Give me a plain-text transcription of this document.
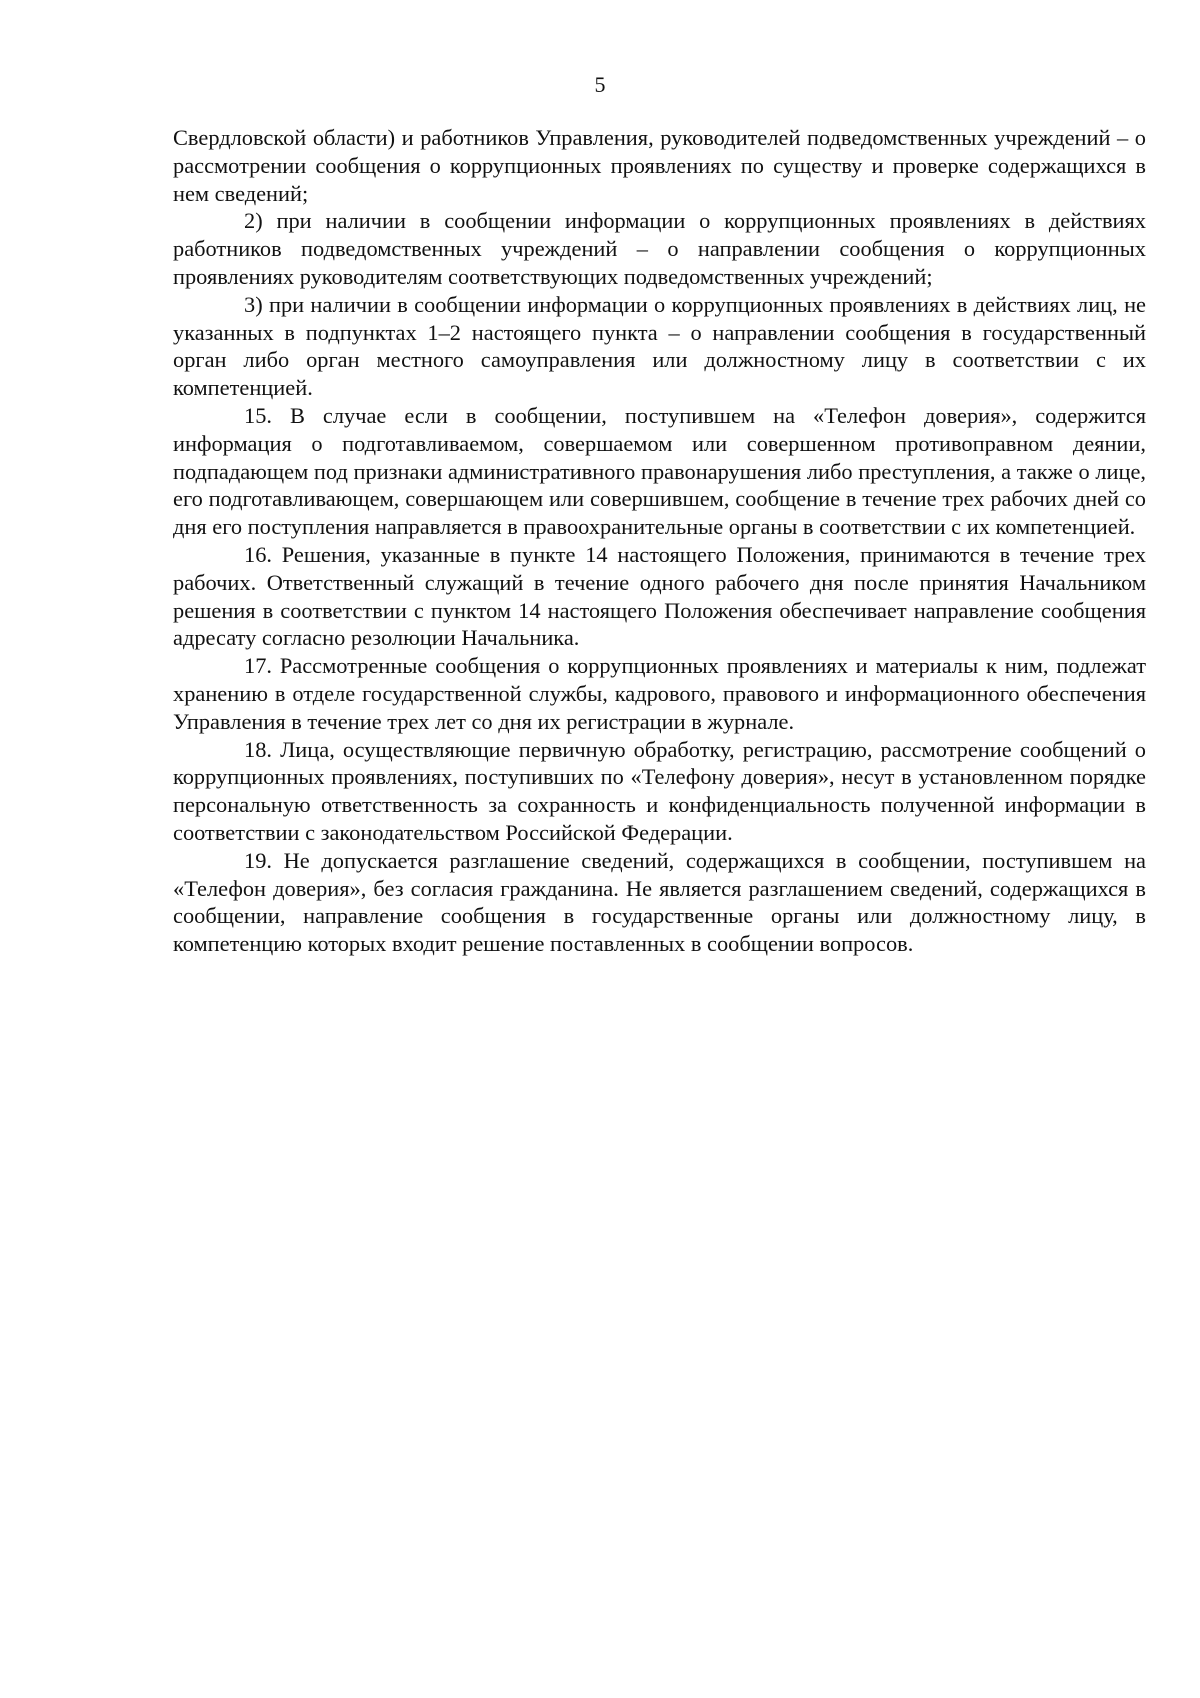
5

Свердловской области) и работников Управления, руководителей подведомственных учреждений – о рассмотрении сообщения о коррупционных проявлениях по существу и проверке содержащихся в нем сведений;

2) при наличии в сообщении информации о коррупционных проявлениях в действиях работников подведомственных учреждений – о направлении сообщения о коррупционных проявлениях руководителям соответствующих подведомственных учреждений;

3) при наличии в сообщении информации о коррупционных проявлениях в действиях лиц, не указанных в подпунктах 1–2 настоящего пункта – о направлении сообщения в государственный орган либо орган местного самоуправления или должностному лицу в соответствии с их компетенцией.

15. В случае если в сообщении, поступившем на «Телефон доверия», содержится информация о подготавливаемом, совершаемом или совершенном противоправном деянии, подпадающем под признаки административного правонарушения либо преступления, а также о лице, его подготавливающем, совершающем или совершившем, сообщение в течение трех рабочих дней со дня его поступления направляется в правоохранительные органы в соответствии с их компетенцией.

16. Решения, указанные в пункте 14 настоящего Положения, принимаются в течение трех рабочих. Ответственный служащий в течение одного рабочего дня после принятия Начальником решения в соответствии с пунктом 14 настоящего Положения обеспечивает направление сообщения адресату согласно резолюции Начальника.

17. Рассмотренные сообщения о коррупционных проявлениях и материалы к ним, подлежат хранению в отделе государственной службы, кадрового, правового и информационного обеспечения Управления в течение трех лет со дня их регистрации в журнале.

18. Лица, осуществляющие первичную обработку, регистрацию, рассмотрение сообщений о коррупционных проявлениях, поступивших по «Телефону доверия», несут в установленном порядке персональную ответственность за сохранность и конфиденциальность полученной информации в соответствии с законодательством Российской Федерации.

19. Не допускается разглашение сведений, содержащихся в сообщении, поступившем на «Телефон доверия», без согласия гражданина. Не является разглашением сведений, содержащихся в сообщении, направление сообщения в государственные органы или должностному лицу, в компетенцию которых входит решение поставленных в сообщении вопросов.
